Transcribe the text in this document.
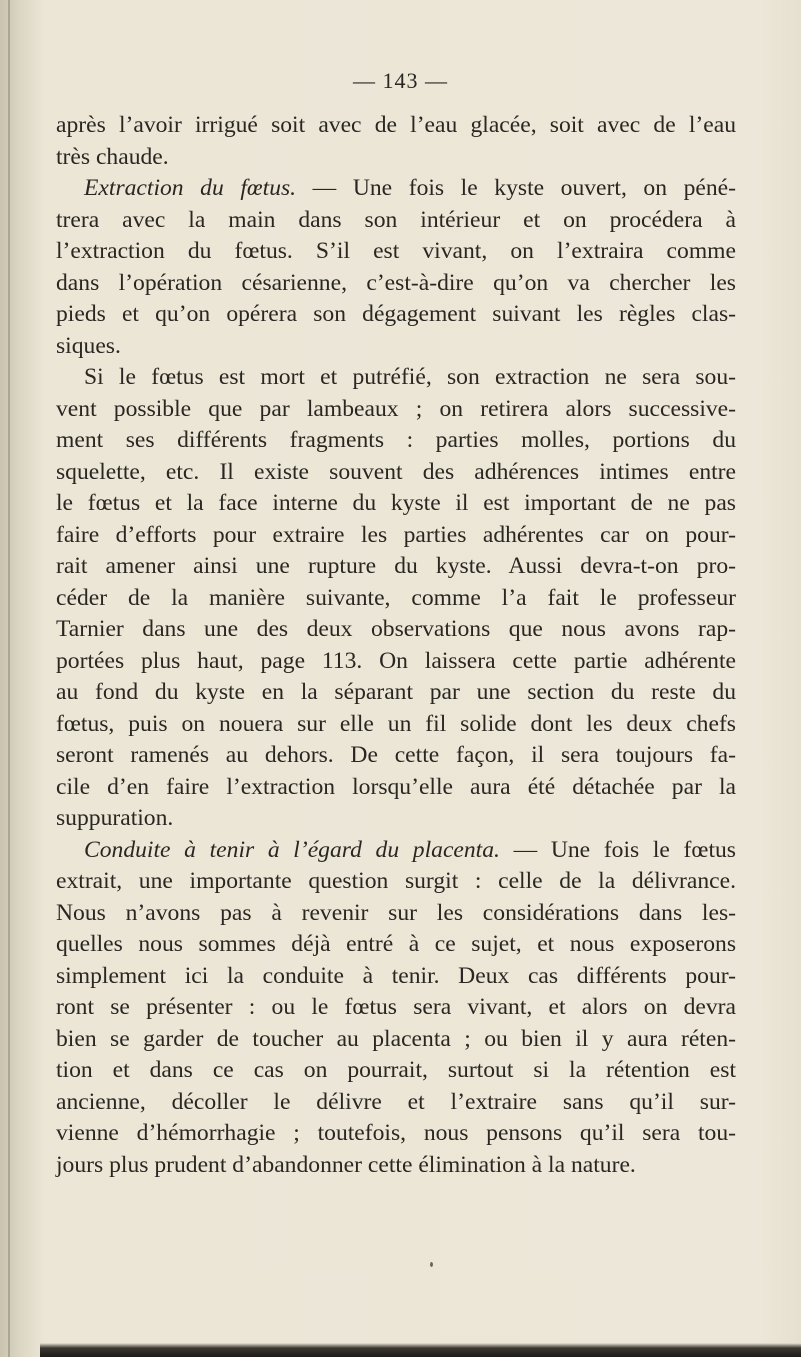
— 143 —
après l’avoir irrigué soit avec de l’eau glacée, soit avec de l’eau
très chaude.
Extraction du fœtus. — Une fois le kyste ouvert, on péné-
trera avec la main dans son intérieur et on procédera à
l’extraction du fœtus. S’il est vivant, on l’extraira comme
dans l’opération césarienne, c’est-à-dire qu’on va chercher les
pieds et qu’on opérera son dégagement suivant les règles clas-
siques.
Si le fœtus est mort et putréfié, son extraction ne sera sou-
vent possible que par lambeaux ; on retirera alors successive-
ment ses différents fragments : parties molles, portions du
squelette, etc. Il existe souvent des adhérences intimes entre
le fœtus et la face interne du kyste il est important de ne pas
faire d’efforts pour extraire les parties adhérentes car on pour-
rait amener ainsi une rupture du kyste. Aussi devra-t-on pro-
céder de la manière suivante, comme l’a fait le professeur
Tarnier dans une des deux observations que nous avons rap-
portées plus haut, page 113. On laissera cette partie adhérente
au fond du kyste en la séparant par une section du reste du
fœtus, puis on nouera sur elle un fil solide dont les deux chefs
seront ramenés au dehors. De cette façon, il sera toujours fa-
cile d’en faire l’extraction lorsqu’elle aura été détachée par la
suppuration.
Conduite à tenir à l’égard du placenta. — Une fois le fœtus
extrait, une importante question surgit : celle de la délivrance.
Nous n’avons pas à revenir sur les considérations dans les-
quelles nous sommes déjà entré à ce sujet, et nous exposerons
simplement ici la conduite à tenir. Deux cas différents pour-
ront se présenter : ou le fœtus sera vivant, et alors on devra
bien se garder de toucher au placenta ; ou bien il y aura réten-
tion et dans ce cas on pourrait, surtout si la rétention est
ancienne, décoller le délivre et l’extraire sans qu’il sur-
vienne d’hémorrhagie ; toutefois, nous pensons qu’il sera tou-
jours plus prudent d’abandonner cette élimination à la nature.
